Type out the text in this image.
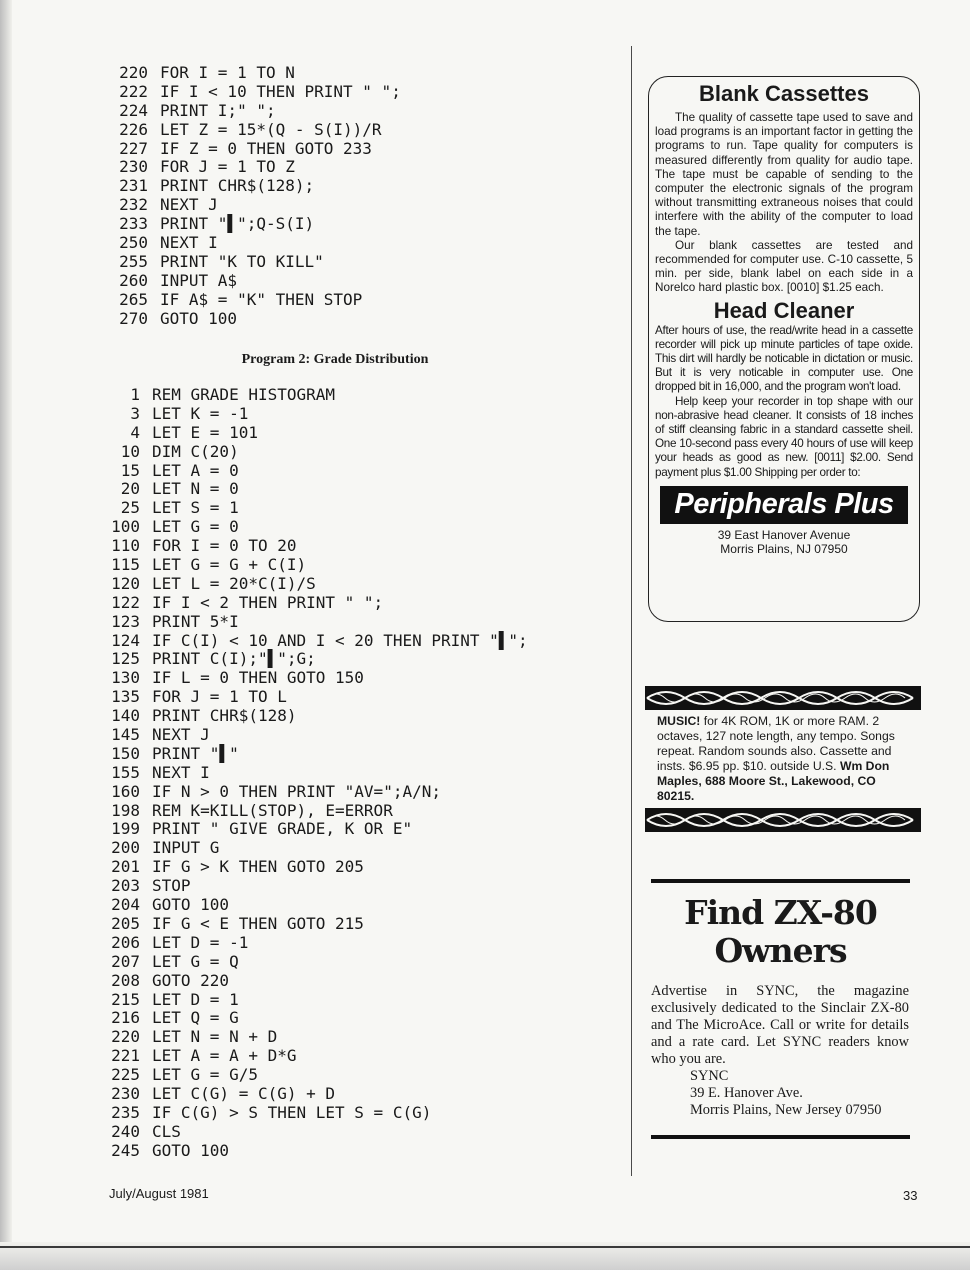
220 FOR I = 1 TO N
222 IF I < 10 THEN PRINT " ";
224 PRINT I;" ";
226 LET Z = 15*(Q - S(I))/R
227 IF Z = 0 THEN GOTO 233
230 FOR J = 1 TO Z
231 PRINT CHR$(128);
232 NEXT J
233 PRINT "▌";Q-S(I)
250 NEXT I
255 PRINT "K TO KILL"
260 INPUT A$
265 IF A$ = "K" THEN STOP
270 GOTO 100
Program 2: Grade Distribution
1 REM GRADE HISTOGRAM
3 LET K = -1
4 LET E = 101
10 DIM C(20)
15 LET A = 0
20 LET N = 0
25 LET S = 1
100 LET G = 0
110 FOR I = 0 TO 20
115 LET G = G + C(I)
120 LET L = 20*C(I)/S
122 IF I < 2 THEN PRINT " ";
123 PRINT 5*I
124 IF C(I) < 10 AND I < 20 THEN PRINT "▌";
125 PRINT C(I);"▌";G;
130 IF L = 0 THEN GOTO 150
135 FOR J = 1 TO L
140 PRINT CHR$(128)
145 NEXT J
150 PRINT "▌"
155 NEXT I
160 IF N > 0 THEN PRINT "AV=";A/N;
198 REM K=KILL(STOP), E=ERROR
199 PRINT " GIVE GRADE, K OR E"
200 INPUT G
201 IF G > K THEN GOTO 205
203 STOP
204 GOTO 100
205 IF G < E THEN GOTO 215
206 LET D = -1
207 LET G = Q
208 GOTO 220
215 LET D = 1
216 LET Q = G
220 LET N = N + D
221 LET A = A + D*G
225 LET G = G/5
230 LET C(G) = C(G) + D
235 IF C(G) > S THEN LET S = C(G)
240 CLS
245 GOTO 100
Blank Cassettes

The quality of cassette tape used to save and load programs is an important factor in getting the programs to run. Tape quality for computers is measured differently from quality for audio tape. The tape must be capable of sending to the computer the electronic signals of the program without transmitting extraneous noises that could interfere with the ability of the computer to load the tape.

Our blank cassettes are tested and recommended for computer use. C-10 cassette, 5 min. per side, blank label on each side in a Norelco hard plastic box. [0010] $1.25 each.

Head Cleaner

After hours of use, the read/write head in a cassette recorder will pick up minute particles of tape oxide. This dirt will hardly be noticable in dictation or music. But it is very noticable in computer use. One dropped bit in 16,000, and the program won't load.

Help keep your recorder in top shape with our non-abrasive head cleaner. It consists of 18 inches of stiff cleansing fabric in a standard cassette sheil. One 10-second pass every 40 hours of use will keep your heads as good as new. [0011] $2.00. Send payment plus $1.00 Shipping per order to:

Peripherals Plus
39 East Hanover Avenue
Morris Plains, NJ 07950
MUSIC! for 4K ROM, 1K or more RAM. 2 octaves, 127 note length, any tempo. Songs repeat. Random sounds also. Cassette and insts. $6.95 pp. $10. outside U.S. Wm Don Maples, 688 Moore St., Lakewood, CO 80215.
Find ZX-80
Owners
Advertise in SYNC, the magazine exclusively dedicated to the Sinclair ZX-80 and The MicroAce. Call or write for details and a rate card. Let SYNC readers know who you are.
SYNC
39 E. Hanover Ave.
Morris Plains, New Jersey 07950
July/August 1981	33
